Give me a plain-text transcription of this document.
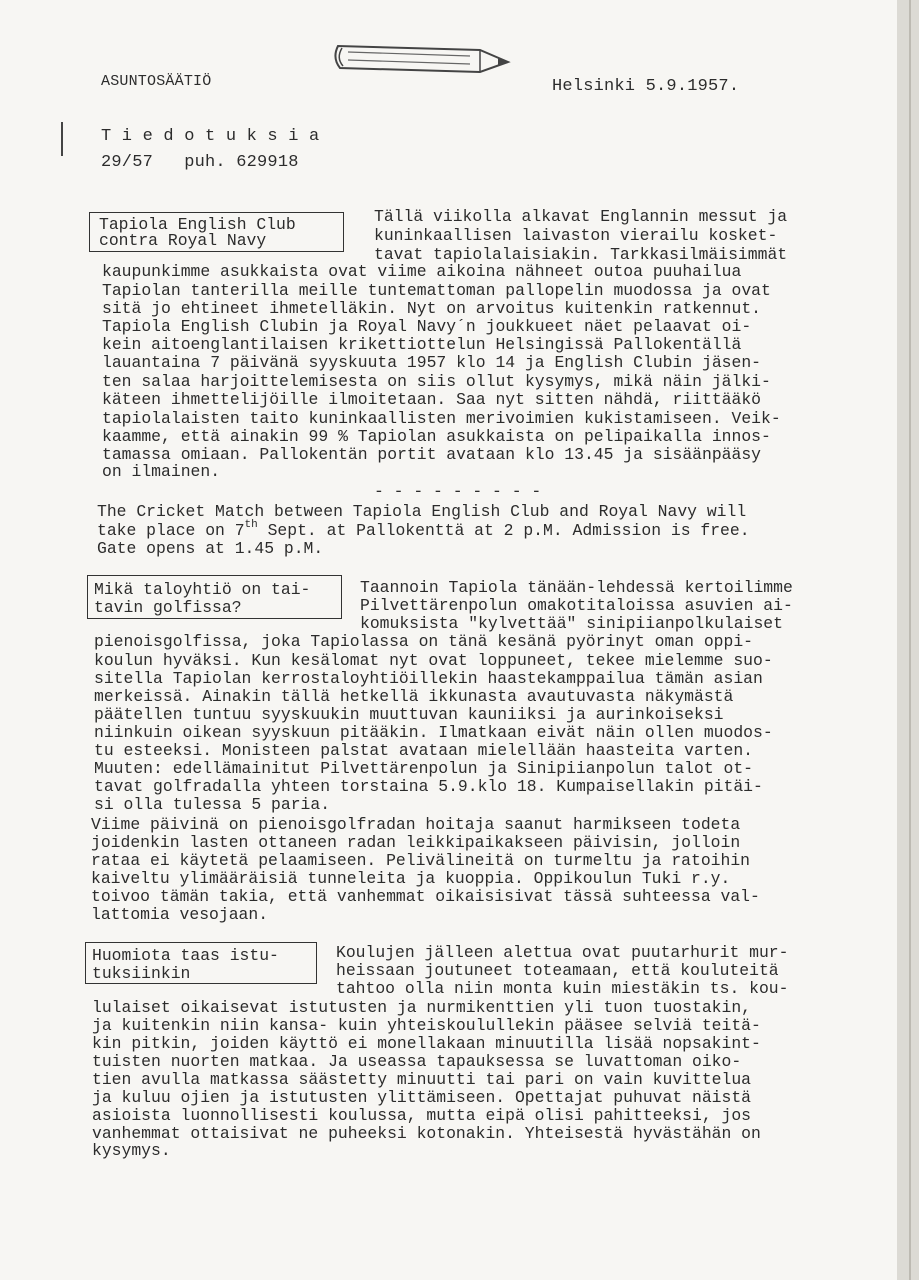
ASUNTOSÄÄTIÖ	Helsinki 5.9.1957.
T i e d o t u k s i a
29/57   puh. 629918
Tapiola English Club
contra Royal Navy
Tällä viikolla alkavat Englannin messut ja
kuninkaallisen laivaston vierailu kosket-
tavat tapiolalaisiakin. Tarkkasilmäisimmät
kaupunkimme asukkaista ovat viime aikoina nähneet outoa puuhailua
Tapiolan tanterilla meille tuntemattoman pallopelin muodossa ja ovat
sitä jo ehtineet ihmetelläkin. Nyt on arvoitus kuitenkin ratkennut.
Tapiola English Clubin ja Royal Navy´n joukkueet näet pelaavat oi-
kein aitoenglantilaisen krikettiottelun Helsingissä Pallokentällä
lauantaina 7 päivänä syyskuuta 1957 klo 14 ja English Clubin jäsen-
ten salaa harjoittelemisesta on siis ollut kysymys, mikä näin jälki-
käteen ihmettelijöille ilmoitetaan. Saa nyt sitten nähdä, riittääkö
tapiolalaisten taito kuninkaallisten merivoimien kukistamiseen. Veik-
kaamme, että ainakin 99 % Tapiolan asukkaista on pelipaikalla innos-
tamassa omiaan. Pallokentän portit avataan klo 13.45 ja sisäänpääsy
on ilmainen.
- - - - - - - - -
The Cricket Match between Tapiola English Club and Royal Navy will
take place on 7th Sept. at Pallokenttä at 2 p.M. Admission is free.
Gate opens at 1.45 p.M.
Mikä taloyhtiö on tai-
tavin golfissa?
Taannoin Tapiola tänään-lehdessä kertoilimme
Pilvettärenpolun omakotitaloissa asuvien ai-
komuksista "kylvettää" sinipiianpolkulaiset
pienoisgolfissa, joka Tapiolassa on tänä kesänä pyörinyt oman oppi-
koulun hyväksi. Kun kesälomat nyt ovat loppuneet, tekee mielemme suo-
sitella Tapiolan kerrostaloyhtiöillekin haastekamppailua tämän asian
merkeissä. Ainakin tällä hetkellä ikkunasta avautuvasta näkymästä
päätellen tuntuu syyskuukin muuttuvan kauniiksi ja aurinkoiseksi
niinkuin oikean syyskuun pitääkin. Ilmatkaan eivät näin ollen muodos-
tu esteeksi. Monisteen palstat avataan mielellään haasteita varten.
Muuten: edellämainitut Pilvettärenpolun ja Sinipiianpolun talot ot-
tavat golfradalla yhteen torstaina 5.9.klo 18. Kumpaisellakin pitäi-
si olla tulessa 5 paria.
Viime päivinä on pienoisgolfradan hoitaja saanut harmikseen todeta
joidenkin lasten ottaneen radan leikkipaikakseen päivisin, jolloin
rataa ei käytetä pelaamiseen. Pelivälineitä on turmeltu ja ratoihin
kaiveltu ylimääräisiä tunneleita ja kuoppia. Oppikoulun Tuki r.y.
toivoo tämän takia, että vanhemmat oikaisisivat tässä suhteessa val-
lattomia vesojaan.
Huomiota taas istu-
tuksiinkin
Koulujen jälleen alettua ovat puutarhurit mur-
heissaan joutuneet toteamaan, että kouluteitä
tahtoo olla niin monta kuin miestäkin ts. kou-
lulaiset oikaisevat istutusten ja nurmikenttien yli tuon tuostakin,
ja kuitenkin niin kansa- kuin yhteiskoulullekin pääsee selviä teitä-
kin pitkin, joiden käyttö ei monellakaan minuutilla lisää nopsakint-
tuisten nuorten matkaa. Ja useassa tapauksessa se luvattoman oiko-
tien avulla matkassa säästetty minuutti tai pari on vain kuvittelua
ja kuluu ojien ja istutusten ylittämiseen. Opettajat puhuvat näistä
asioista luonnollisesti koulussa, mutta eipä olisi pahitteeksi, jos
vanhemmat ottaisivat ne puheeksi kotonakin. Yhteisestä hyvästähän on
kysymys.
